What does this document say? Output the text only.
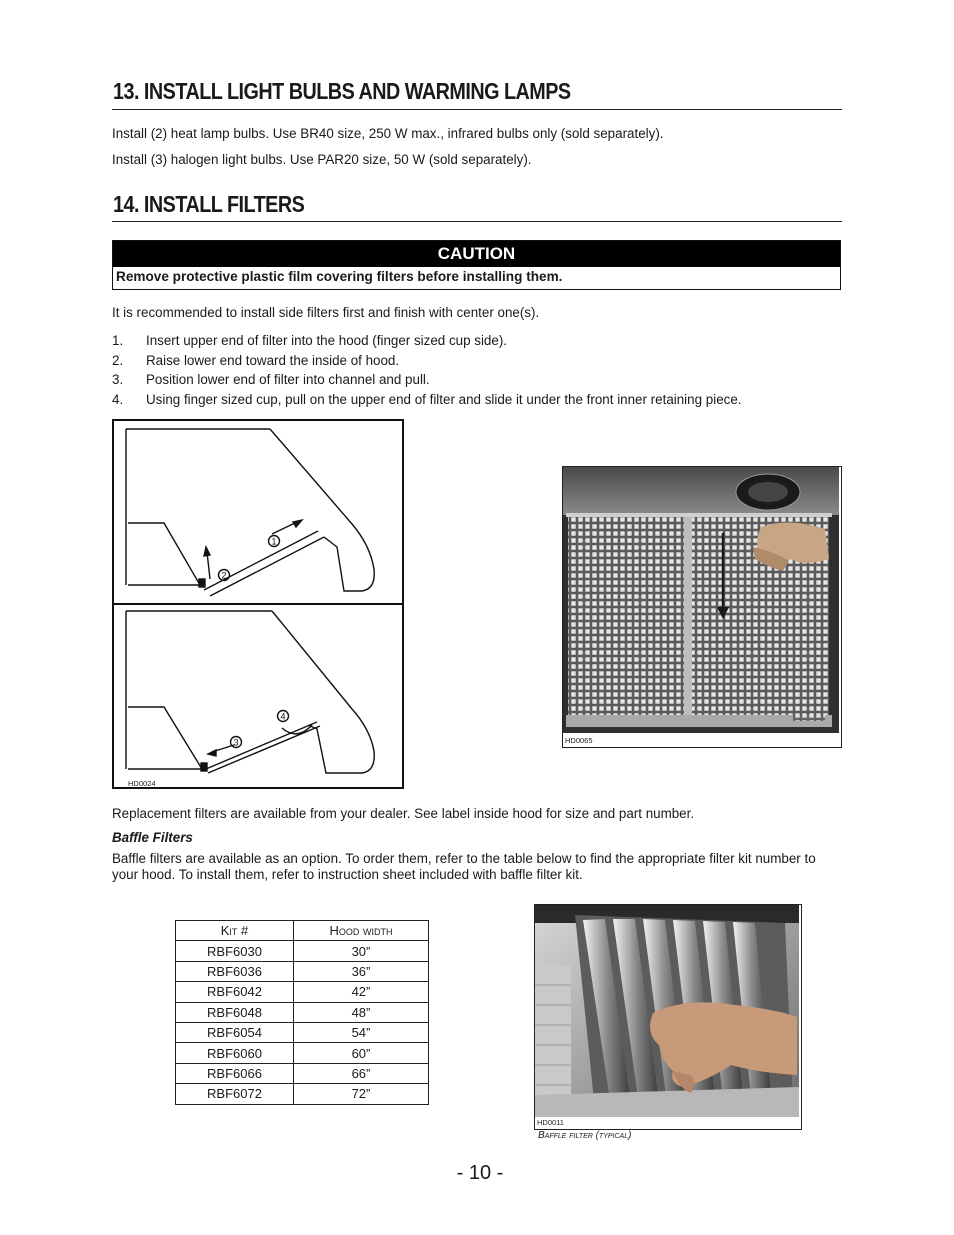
13. INSTALL LIGHT BULBS AND WARMING LAMPS
Install (2) heat lamp bulbs. Use BR40 size, 250 W max., infrared bulbs only (sold separately).
Install (3) halogen light bulbs. Use PAR20 size, 50 W (sold separately).
14. INSTALL FILTERS
CAUTION
Remove protective plastic film covering filters before installing them.
It is recommended to install side filters first and finish with center one(s).
1. Insert upper end of filter into the hood (finger sized cup side).
2. Raise lower end toward the inside of hood.
3. Position lower end of filter into channel and pull.
4. Using finger sized cup, pull on the upper end of filter and slide it under the front inner retaining piece.
1
2
4
3
HD0024
HD0065
Replacement filters are available from your dealer. See label inside hood for size and part number.
Baffle Filters
Baffle filters are available as an option. To order them, refer to the table below to find the appropriate filter kit number to your hood. To install them, refer to instruction sheet included with baffle filter kit.
Kit #	Hood width
RBF6030	30”
RBF6036	36”
RBF6042	42”
RBF6048	48”
RBF6054	54”
RBF6060	60”
RBF6066	66”
RBF6072	72”
HD0011
Baffle filter (typical)
- 10 -
